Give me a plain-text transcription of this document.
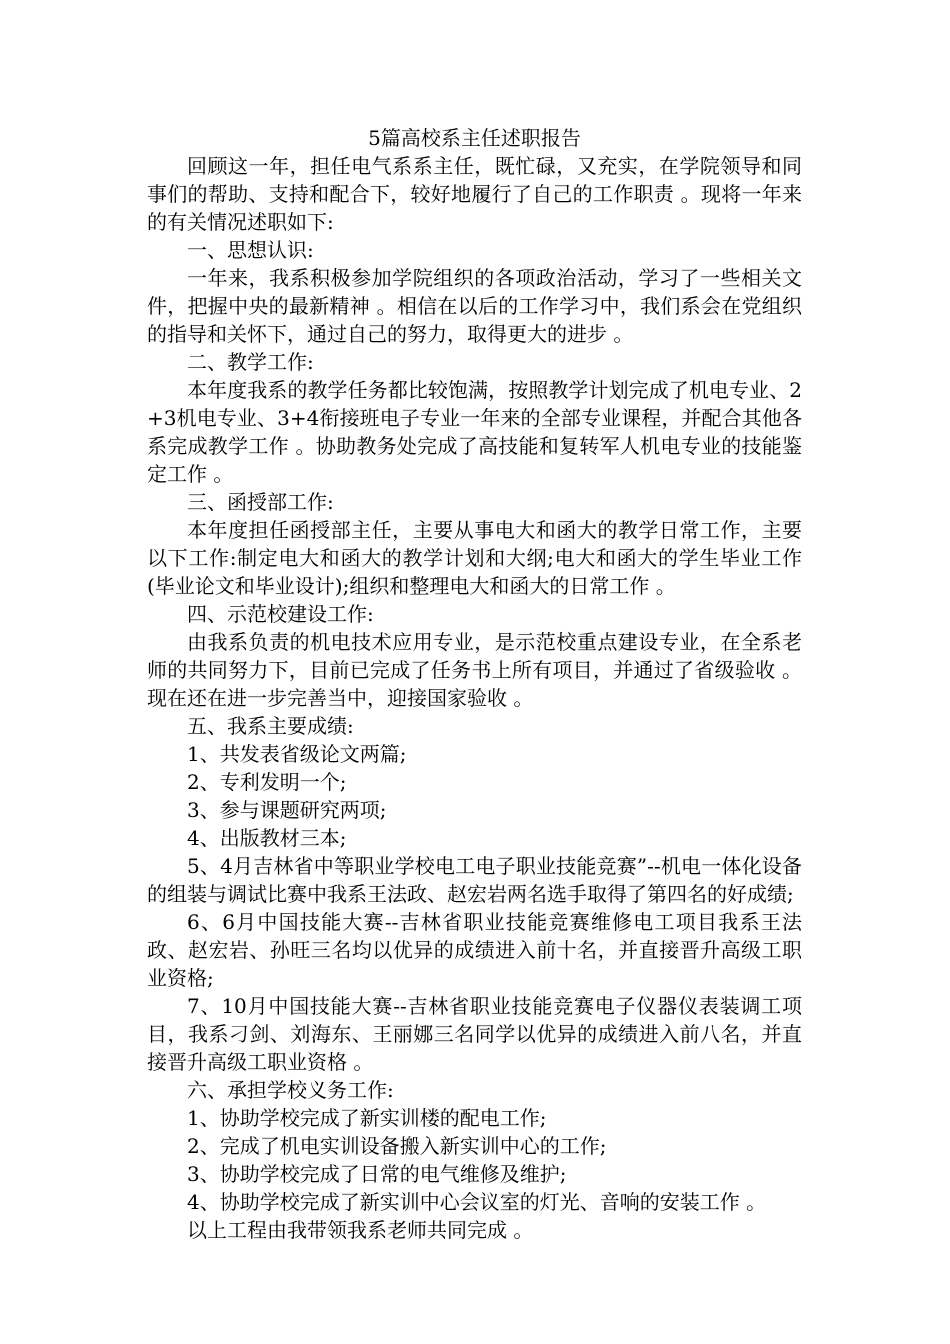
5篇高校系主任述职报告

回顾这一年，担任电气系系主任，既忙碌，又充实，在学院领导和同事们的帮助、支持和配合下，较好地履行了自己的工作职责 。现将一年来的有关情况述职如下:

一、思想认识:

一年来，我系积极参加学院组织的各项政治活动，学习了一些相关文件，把握中央的最新精神 。相信在以后的工作学习中，我们系会在党组织的指导和关怀下，通过自己的努力，取得更大的进步 。

二、教学工作:

本年度我系的教学任务都比较饱满，按照教学计划完成了机电专业、2+3机电专业、3+4衔接班电子专业一年来的全部专业课程，并配合其他各系完成教学工作 。协助教务处完成了高技能和复转军人机电专业的技能鉴定工作 。

三、函授部工作:

本年度担任函授部主任，主要从事电大和函大的教学日常工作，主要以下工作:制定电大和函大的教学计划和大纲;电大和函大的学生毕业工作(毕业论文和毕业设计);组织和整理电大和函大的日常工作 。

四、示范校建设工作:

由我系负责的机电技术应用专业，是示范校重点建设专业，在全系老师的共同努力下，目前已完成了任务书上所有项目，并通过了省级验收 。现在还在进一步完善当中，迎接国家验收 。

五、我系主要成绩:

1、共发表省级论文两篇;

2、专利发明一个;

3、参与课题研究两项;

4、出版教材三本;

5、4月吉林省中等职业学校电工电子职业技能竞赛”--机电一体化设备的组装与调试比赛中我系王法政、赵宏岩两名选手取得了第四名的好成绩;

6、6月中国技能大赛--吉林省职业技能竞赛维修电工项目我系王法政、赵宏岩、孙旺三名均以优异的成绩进入前十名，并直接晋升高级工职业资格;

7、10月中国技能大赛--吉林省职业技能竞赛电子仪器仪表装调工项目，我系刁剑、刘海东、王丽娜三名同学以优异的成绩进入前八名，并直接晋升高级工职业资格 。

六、承担学校义务工作:

1、协助学校完成了新实训楼的配电工作;

2、完成了机电实训设备搬入新实训中心的工作;

3、协助学校完成了日常的电气维修及维护;

4、协助学校完成了新实训中心会议室的灯光、音响的安装工作 。

以上工程由我带领我系老师共同完成 。
